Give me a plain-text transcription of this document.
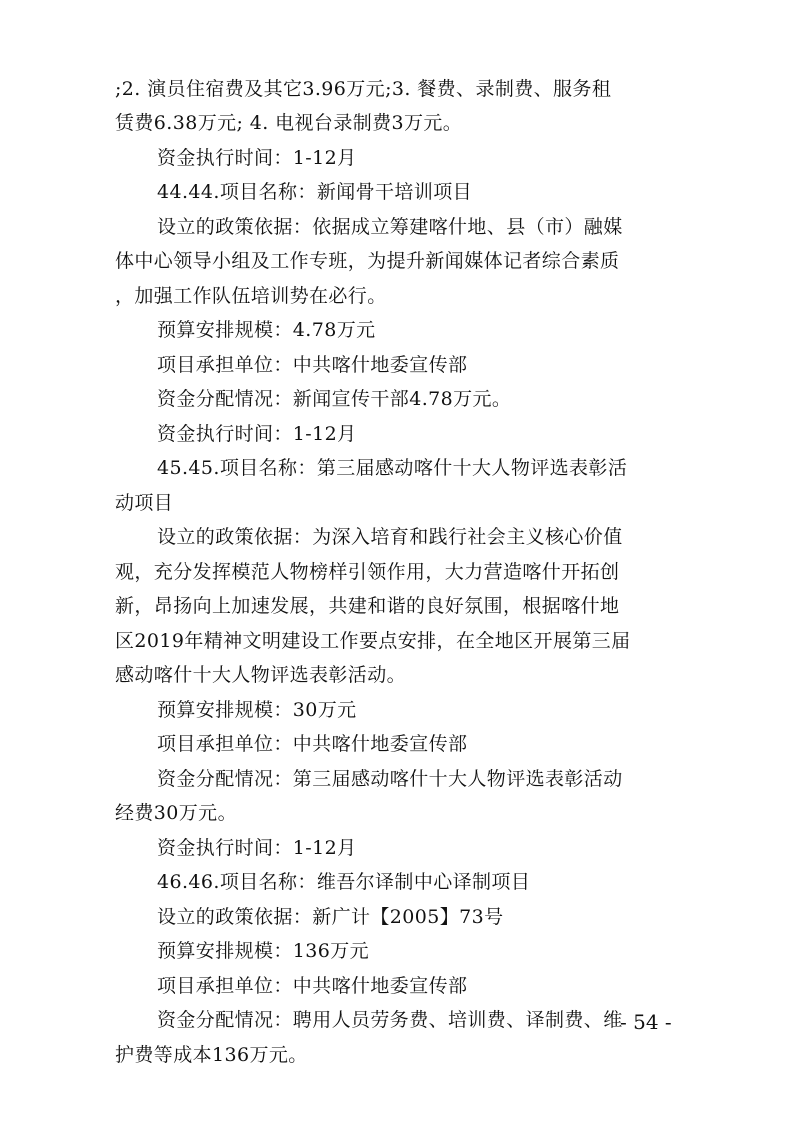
;2. 演员住宿费及其它3.96万元;3. 餐费、录制费、服务租
赁费6.38万元; 4. 电视台录制费3万元。
资金执行时间：1-12月
44.44.项目名称：新闻骨干培训项目
设立的政策依据：依据成立筹建喀什地、县（市）融媒
体中心领导小组及工作专班，为提升新闻媒体记者综合素质
，加强工作队伍培训势在必行。
预算安排规模：4.78万元
项目承担单位：中共喀什地委宣传部
资金分配情况：新闻宣传干部4.78万元。
资金执行时间：1-12月
45.45.项目名称：第三届感动喀什十大人物评选表彰活
动项目
设立的政策依据：为深入培育和践行社会主义核心价值
观，充分发挥模范人物榜样引领作用，大力营造喀什开拓创
新，昂扬向上加速发展，共建和谐的良好氛围，根据喀什地
区2019年精神文明建设工作要点安排，在全地区开展第三届
感动喀什十大人物评选表彰活动。
预算安排规模：30万元
项目承担单位：中共喀什地委宣传部
资金分配情况：第三届感动喀什十大人物评选表彰活动
经费30万元。
资金执行时间：1-12月
46.46.项目名称：维吾尔译制中心译制项目
设立的政策依据：新广计【2005】73号
预算安排规模：136万元
项目承担单位：中共喀什地委宣传部
资金分配情况：聘用人员劳务费、培训费、译制费、维
护费等成本136万元。
- 54 -
